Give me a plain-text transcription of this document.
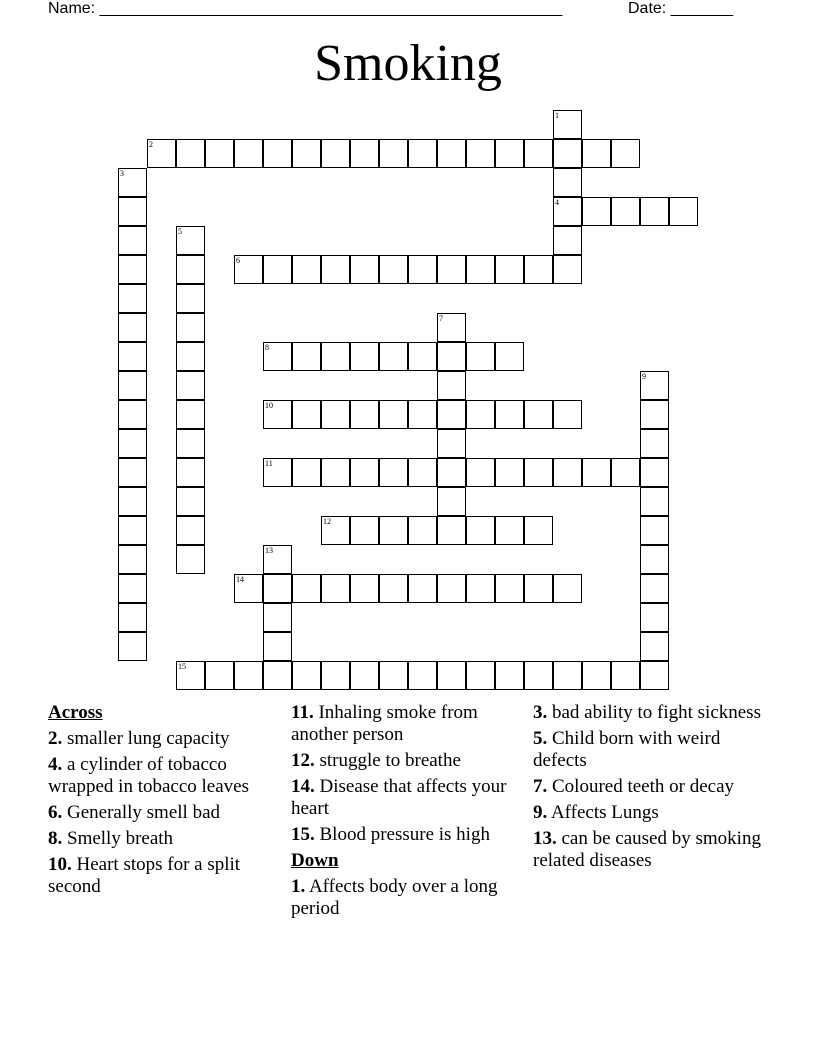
Name: ____________________________________________________	Date: _______
Smoking
1
4
2
3
5
6
7
8
9
10
11
12
13
14
15
Across
2. smaller lung capacity
4. a cylinder of tobacco wrapped in tobacco leaves
6. Generally smell bad
8. Smelly breath
10. Heart stops for a split second
11. Inhaling smoke from another person
12. struggle to breathe
14. Disease that affects your heart
15. Blood pressure is high
Down
1. Affects body over a long period
3. bad ability to fight sickness
5. Child born with weird defects
7. Coloured teeth or decay
9. Affects Lungs
13. can be caused by smoking related diseases
